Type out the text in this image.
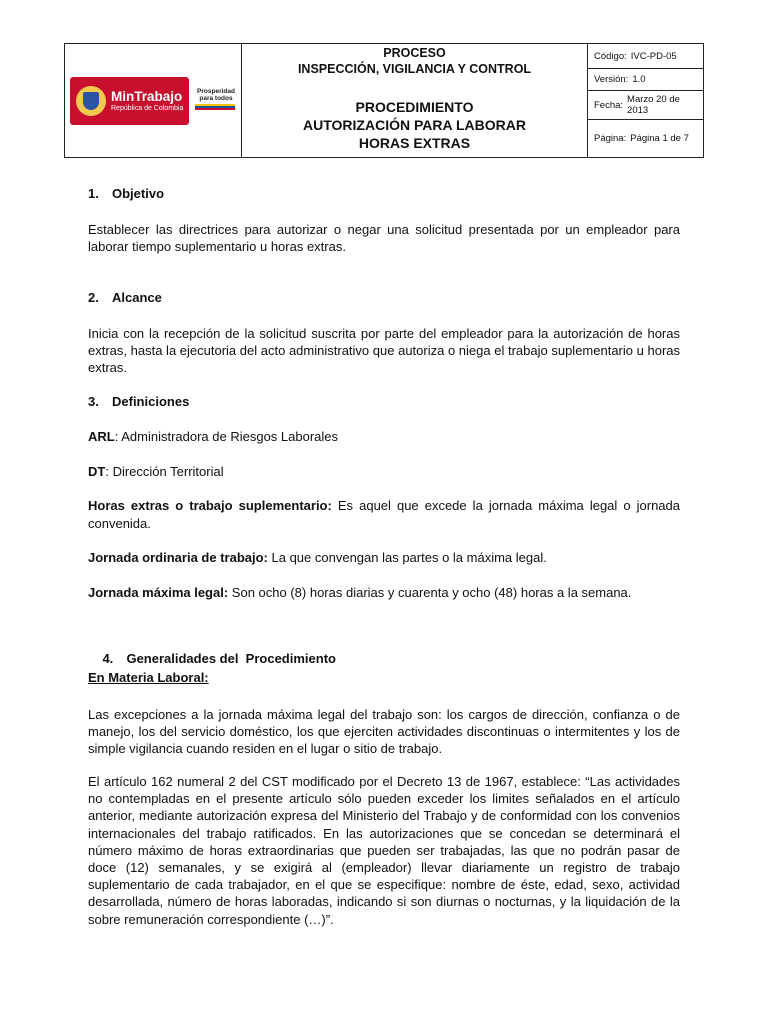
MinTrabajo
República de Colombia
Prosperidad para todos
PROCESO
INSPECCIÓN, VIGILANCIA Y CONTROL
PROCEDIMIENTO
AUTORIZACIÓN PARA LABORAR HORAS EXTRAS
Código: IVC-PD-05
Versión: 1.0
Fecha: Marzo 20 de 2013
Página: Página 1 de 7
1. Objetivo
Establecer las directrices para autorizar o negar una solicitud presentada por un empleador para laborar tiempo suplementario u horas extras.
2. Alcance
Inicia con la recepción de la solicitud suscrita por parte del empleador para la autorización de horas extras, hasta la ejecutoria del acto administrativo que autoriza o niega el trabajo suplementario u horas extras.
3. Definiciones
ARL: Administradora de Riesgos Laborales
DT: Dirección Territorial
Horas extras o trabajo suplementario: Es aquel que excede la jornada máxima legal o jornada convenida.
Jornada ordinaria de trabajo: La que convengan las partes o la máxima legal.
Jornada máxima legal: Son ocho (8) horas diarias y cuarenta y ocho (48) horas a la semana.

4. Generalidades del  Procedimiento

En Materia Laboral:
Las excepciones a la jornada máxima legal del trabajo son: los cargos de dirección, confianza o de manejo, los del servicio doméstico, los que ejerciten actividades discontinuas o intermitentes y los de simple vigilancia cuando residen en el lugar o sitio de trabajo.
El artículo 162 numeral 2 del CST modificado por el Decreto 13 de 1967, establece: “Las actividades no contempladas en el presente artículo sólo pueden exceder los limites señalados en el artículo anterior, mediante autorización expresa del Ministerio del Trabajo y de conformidad con los convenios internacionales del trabajo ratificados. En las autorizaciones que se concedan se determinará el número máximo de horas extraordinarias que pueden ser trabajadas, las que no podrán pasar de doce (12) semanales, y se exigirá al (empleador) llevar diariamente un registro de trabajo suplementario de cada trabajador, en el que se especifique: nombre de éste, edad, sexo, actividad desarrollada, número de horas laboradas, indicando si son diurnas o nocturnas, y la liquidación de la sobre remuneración correspondiente (…)”.
